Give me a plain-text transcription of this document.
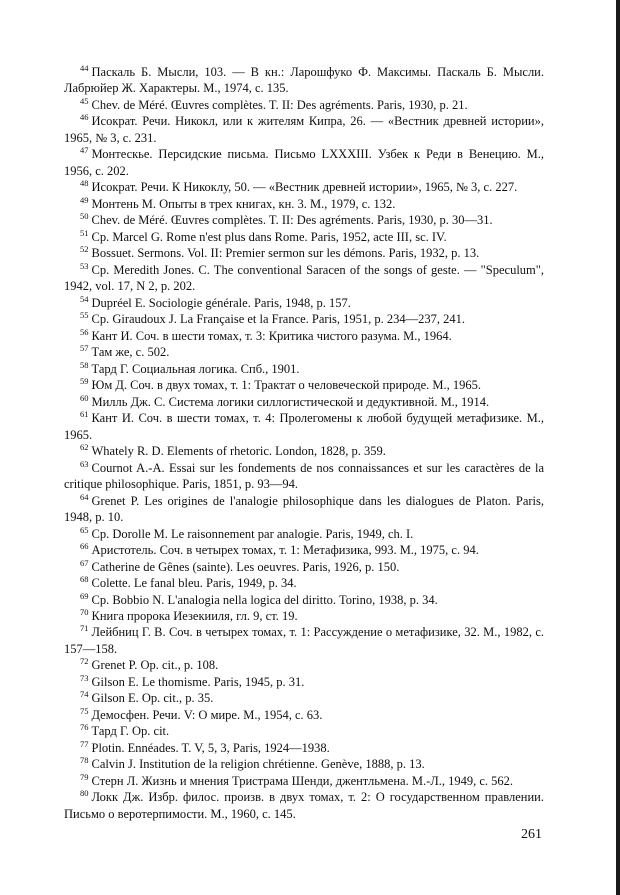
$^{44}$ Паскаль Б. Мысли, 103. — В кн.: Ларошфуко Ф. Максимы. Паскаль Б. Мысли. Лабрюйер Ж. Характеры. М., 1974, с. 135.

$^{45}$ Chev. de Méré. Œuvres complètes. T. II: Des agréments. Paris, 1930, p. 21.

$^{46}$ Исократ. Речи. Никокл, или к жителям Кипра, 26. — «Вестник древней истории», 1965, № 3, с. 231.

$^{47}$ Монтескье. Персидские письма. Письмо LXXXIII. Узбек к Реди в Венецию. М., 1956, с. 202.

$^{48}$ Исократ. Речи. К Никоклу, 50. — «Вестник древней истории», 1965, № 3, с. 227.

$^{49}$ Монтень М. Опыты в трех книгах, кн. 3. М., 1979, с. 132.

$^{50}$ Chev. de Méré. Œuvres complètes. T. II: Des agréments. Paris, 1930, p. 30—31.

$^{51}$ Cp. Marcel G. Rome n'est plus dans Rome. Paris, 1952, acte III, sc. IV.

$^{52}$ Bossuet. Sermons. Vol. II: Premier sermon sur les démons. Paris, 1932, p. 13.

$^{53}$ Cp. Meredith Jones. C. The conventional Saracen of the songs of geste. — "Speculum", 1942, vol. 17, N 2, p. 202.

$^{54}$ Dupréel E. Sociologie générale. Paris, 1948, p. 157.

$^{55}$ Cp. Giraudoux J. La Française et la France. Paris, 1951, p. 234—237, 241.

$^{56}$ Кант И. Соч. в шести томах, т. 3: Критика чистого разума. М., 1964.

$^{57}$ Там же, с. 502.

$^{58}$ Тард Г. Социальная логика. Спб., 1901.

$^{59}$ Юм Д. Соч. в двух томах, т. 1: Трактат о человеческой природе. М., 1965.

$^{60}$ Милль Дж. С. Система логики силлогистической и дедуктивной. М., 1914.

$^{61}$ Кант И. Соч. в шести томах, т. 4: Пролегомены к любой будущей метафизике. М., 1965.

$^{62}$ Whately R. D. Elements of rhetoric. London, 1828, p. 359.

$^{63}$ Cournot A.-A. Essai sur les fondements de nos connaissances et sur les caractères de la critique philosophique. Paris, 1851, p. 93—94.

$^{64}$ Grenet P. Les origines de l'analogie philosophique dans les dialogues de Platon. Paris, 1948, p. 10.

$^{65}$ Cp. Dorolle M. Le raisonnement par analogie. Paris, 1949, ch. I.

$^{66}$ Аристотель. Соч. в четырех томах, т. 1: Метафизика, 993. М., 1975, с. 94.

$^{67}$ Catherine de Gênes (sainte). Les oeuvres. Paris, 1926, p. 150.

$^{68}$ Colette. Le fanal bleu. Paris, 1949, p. 34.

$^{69}$ Cp. Bobbio N. L'analogia nella logica del diritto. Torino, 1938, p. 34.

$^{70}$ Книга пророка Иезекииля, гл. 9, ст. 19.

$^{71}$ Лейбниц Г. В. Соч. в четырех томах, т. 1: Рассуждение о метафизике, 32. М., 1982, с. 157—158.

$^{72}$ Grenet P. Op. cit., p. 108.

$^{73}$ Gilson E. Le thomisme. Paris, 1945, p. 31.

$^{74}$ Gilson E. Op. cit., p. 35.

$^{75}$ Демосфен. Речи. V: О мире. М., 1954, с. 63.

$^{76}$ Тард Г. Op. cit.

$^{77}$ Plotin. Ennéades. T. V, 5, 3, Paris, 1924—1938.

$^{78}$ Calvin J. Institution de la religion chrétienne. Genève, 1888, p. 13.

$^{79}$ Стерн Л. Жизнь и мнения Тристрама Шенди, джентльмена. М.-Л., 1949, с. 562.

$^{80}$ Локк Дж. Избр. филос. произв. в двух томах, т. 2: О государственном правлении. Письмо о веротерпимости. М., 1960, с. 145.

261
